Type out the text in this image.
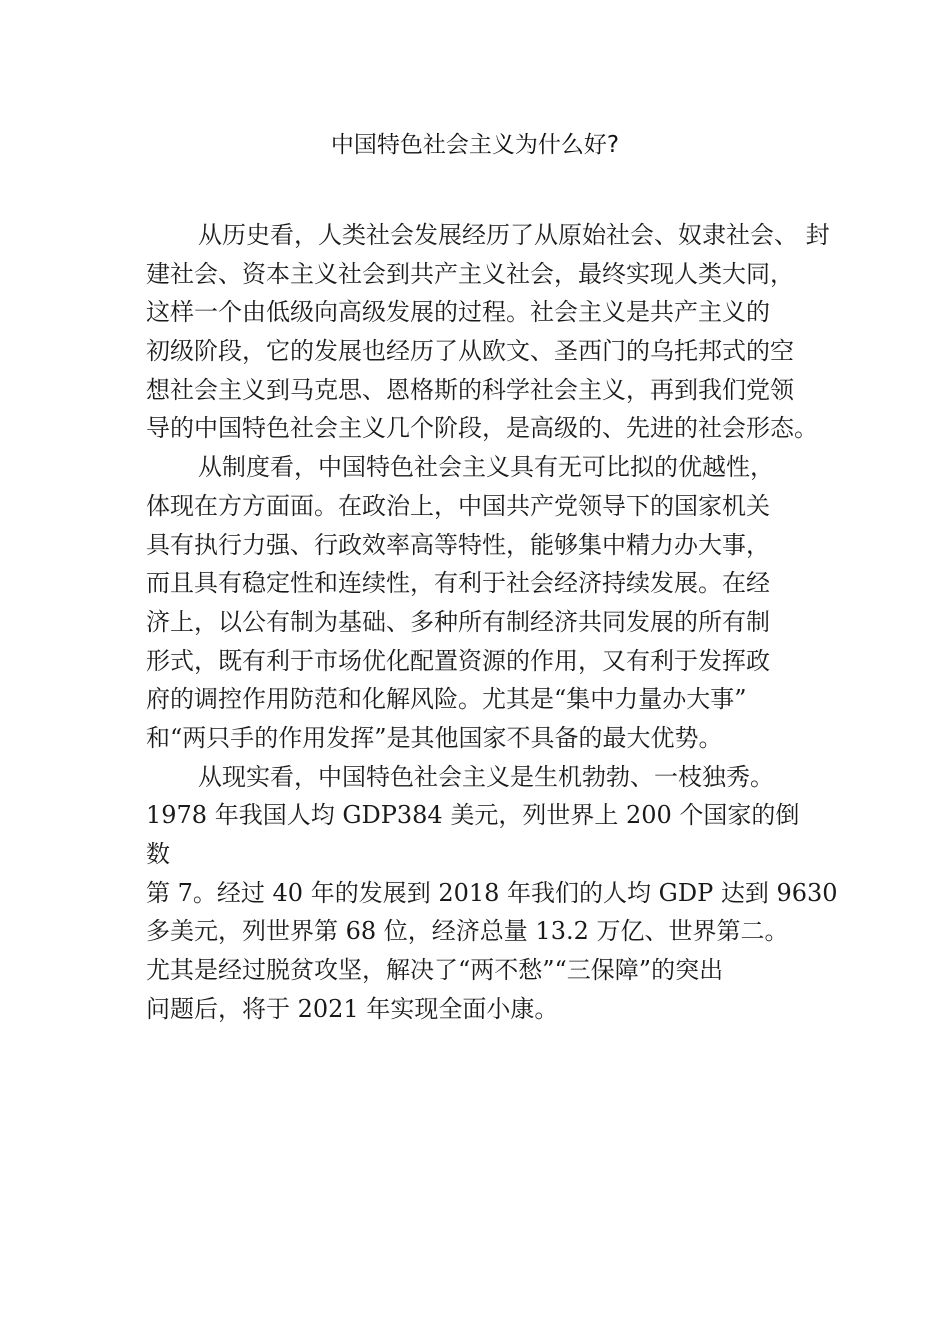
中国特色社会主义为什么好?
从历史看，人类社会发展经历了从原始社会、奴隶社会、 封
建社会、资本主义社会到共产主义社会，最终实现人类大同，
这样一个由低级向高级发展的过程。社会主义是共产主义的
初级阶段，它的发展也经历了从欧文、圣西门的乌托邦式的空
想社会主义到马克思、恩格斯的科学社会主义，再到我们党领
导的中国特色社会主义几个阶段，是高级的、先进的社会形态。
从制度看，中国特色社会主义具有无可比拟的优越性，
体现在方方面面。在政治上，中国共产党领导下的国家机关
具有执行力强、行政效率高等特性，能够集中精力办大事，
而且具有稳定性和连续性，有利于社会经济持续发展。在经
济上，以公有制为基础、多种所有制经济共同发展的所有制
形式，既有利于市场优化配置资源的作用，又有利于发挥政
府的调控作用防范和化解风险。尤其是“集中力量办大事”
和“两只手的作用发挥”是其他国家不具备的最大优势。
从现实看，中国特色社会主义是生机勃勃、一枝独秀。
1978 年我国人均 GDP384 美元，列世界上 200 个国家的倒
数
第 7。经过 40 年的发展到 2018 年我们的人均 GDP 达到 9630
多美元，列世界第 68 位，经济总量 13.2 万亿、世界第二。
尤其是经过脱贫攻坚，解决了“两不愁”“三保障”的突出
问题后，将于 2021 年实现全面小康。
